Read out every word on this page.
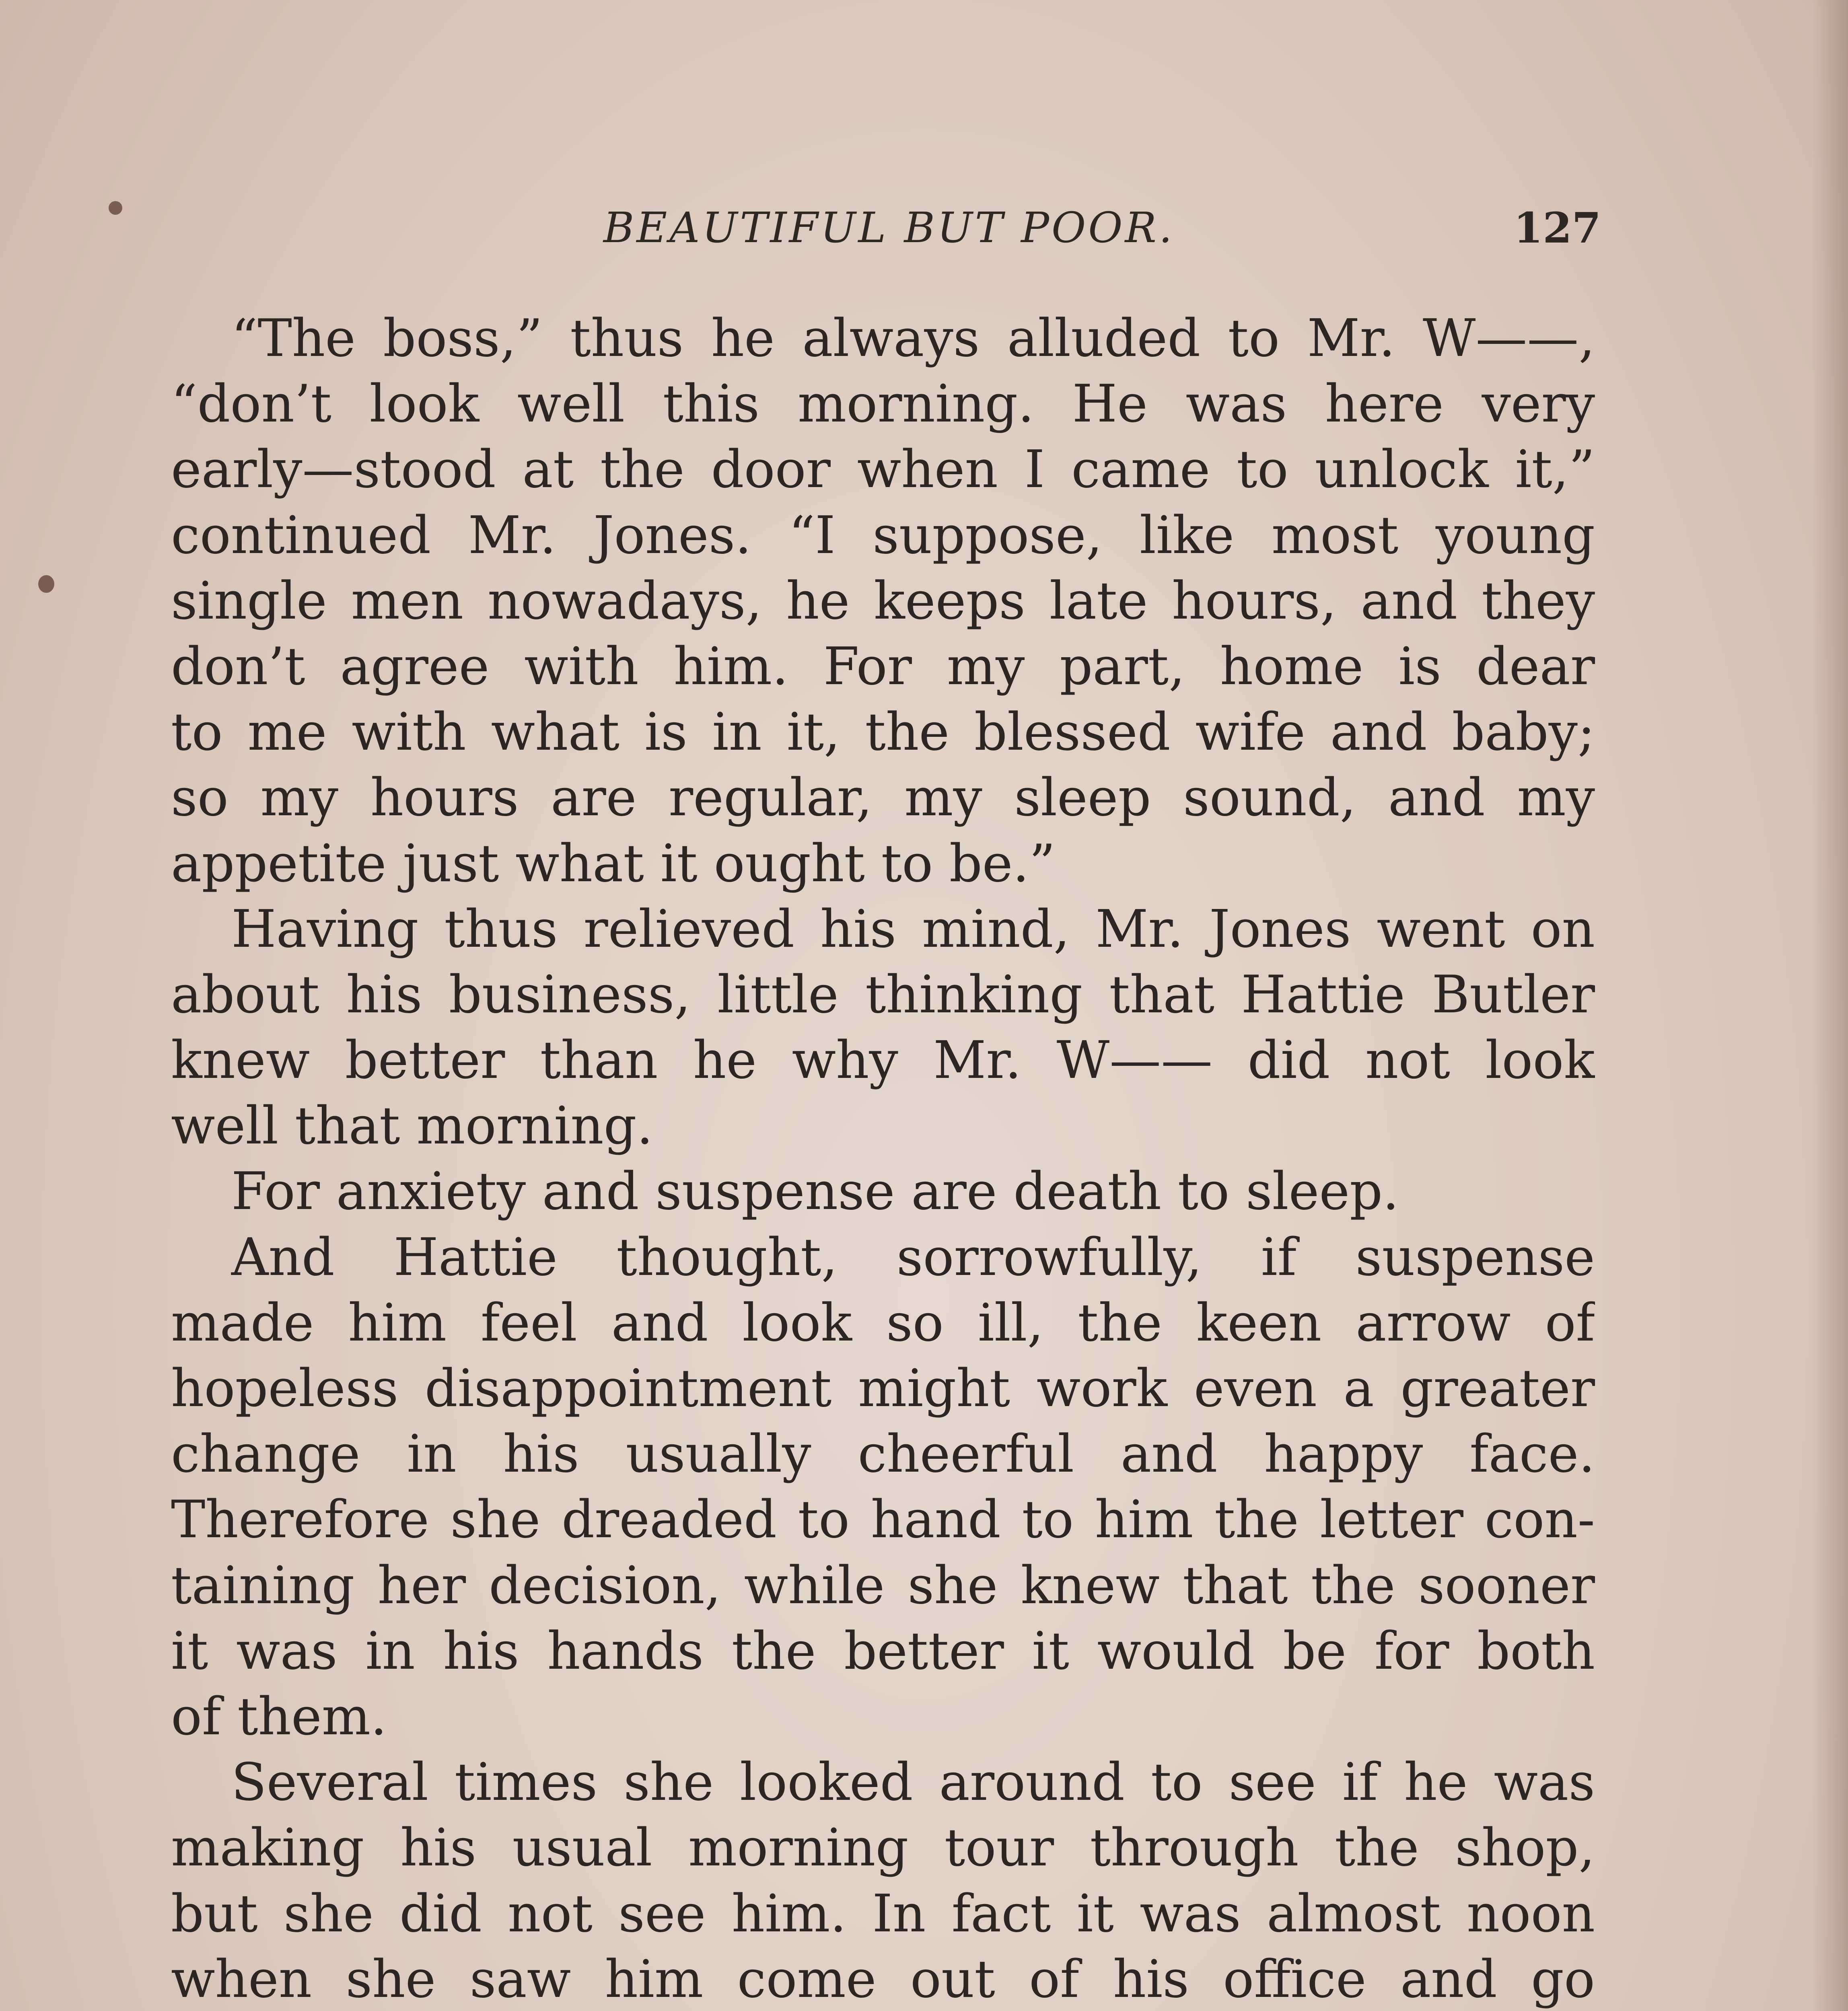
BEAUTIFUL BUT POOR.	127
“The boss,” thus he always alluded to Mr. W——,
“don’t look well this morning. He was here very
early—stood at the door when I came to unlock it,”
continued Mr. Jones. “I suppose, like most young
single men nowadays, he keeps late hours, and they
don’t agree with him. For my part, home is dear
to me with what is in it, the blessed wife and baby;
so my hours are regular, my sleep sound, and my
appetite just what it ought to be.”
Having thus relieved his mind, Mr. Jones went on
about his business, little thinking that Hattie Butler
knew better than he why Mr. W—— did not look
well that morning.
For anxiety and suspense are death to sleep.
And Hattie thought, sorrowfully, if suspense
made him feel and look so ill, the keen arrow of
hopeless disappointment might work even a greater
change in his usually cheerful and happy face.
Therefore she dreaded to hand to him the letter con-
taining her decision, while she knew that the sooner
it was in his hands the better it would be for both
of them.
Several times she looked around to see if he was
making his usual morning tour through the shop,
but she did not see him. In fact it was almost noon
when she saw him come out of his office and go
